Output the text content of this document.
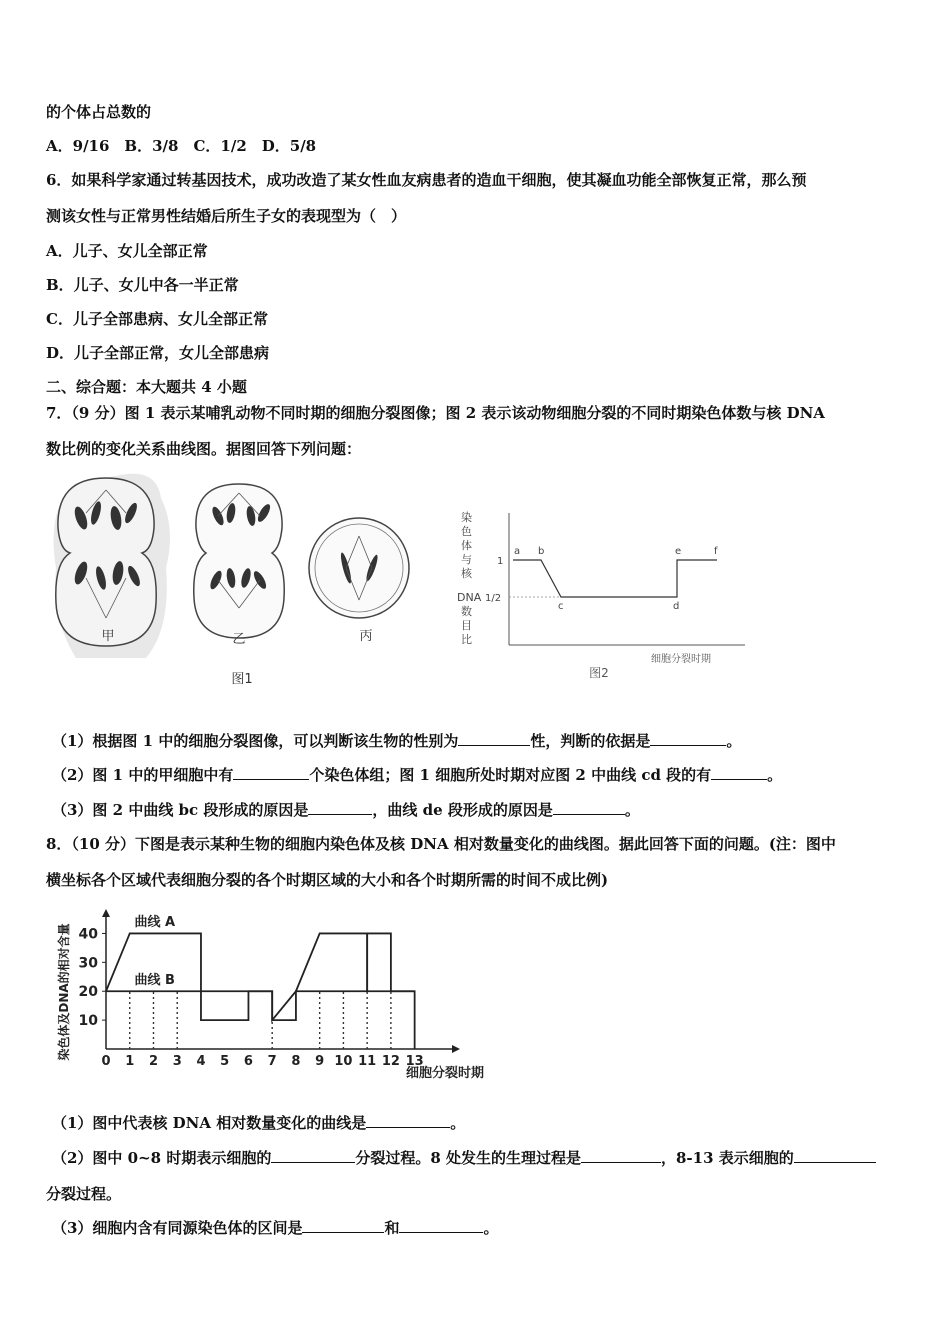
的个体占总数的
A．9/16　B．3/8　C．1/2　D．5/8
6．如果科学家通过转基因技术，成功改造了某女性血友病患者的造血干细胞，使其凝血功能全部恢复正常，那么预
测该女性与正常男性结婚后所生子女的表现型为（　）
A．儿子、女儿全部正常
B．儿子、女儿中各一半正常
C．儿子全部患病、女儿全部正常
D．儿子全部正常，女儿全部患病
二、综合题：本大题共 4 小题
7．（9 分）图 1 表示某哺乳动物不同时期的细胞分裂图像；图 2 表示该动物细胞分裂的不同时期染色体数与核 DNA
数比例的变化关系曲线图。据图回答下列问题：
甲	乙	丙
图1
染
色
体
与
核
DNA
数
目
比
1
1/2
a b
c	d
e	f
细胞分裂时期
图2
（1）根据图 1 中的细胞分裂图像，可以判断该生物的性别为	性，判断的依据是	。
（2）图 1 中的甲细胞中有	个染色体组；图 1 细胞所处时期对应图 2 中曲线 cd 段的有	。
（3）图 2 中曲线 bc 段形成的原因是	，曲线 de 段形成的原因是	。
8．（10 分）下图是表示某种生物的细胞内染色体及核 DNA 相对数量变化的曲线图。据此回答下面的问题。(注：图中
横坐标各个区域代表细胞分裂的各个时期区域的大小和各个时期所需的时间不成比例)
染色体及DNA的相对含量 10
20
30
40
0 1 2 3 4 5 6 7 8 9 10 11 12 13
曲线 A
曲线 B
细胞分裂时期
（1）图中代表核 DNA 相对数量变化的曲线是	。
（2）图中 0~8 时期表示细胞的	分裂过程。8 处发生的生理过程是	，8-13 表示细胞的
分裂过程。
（3）细胞内含有同源染色体的区间是	和	。
